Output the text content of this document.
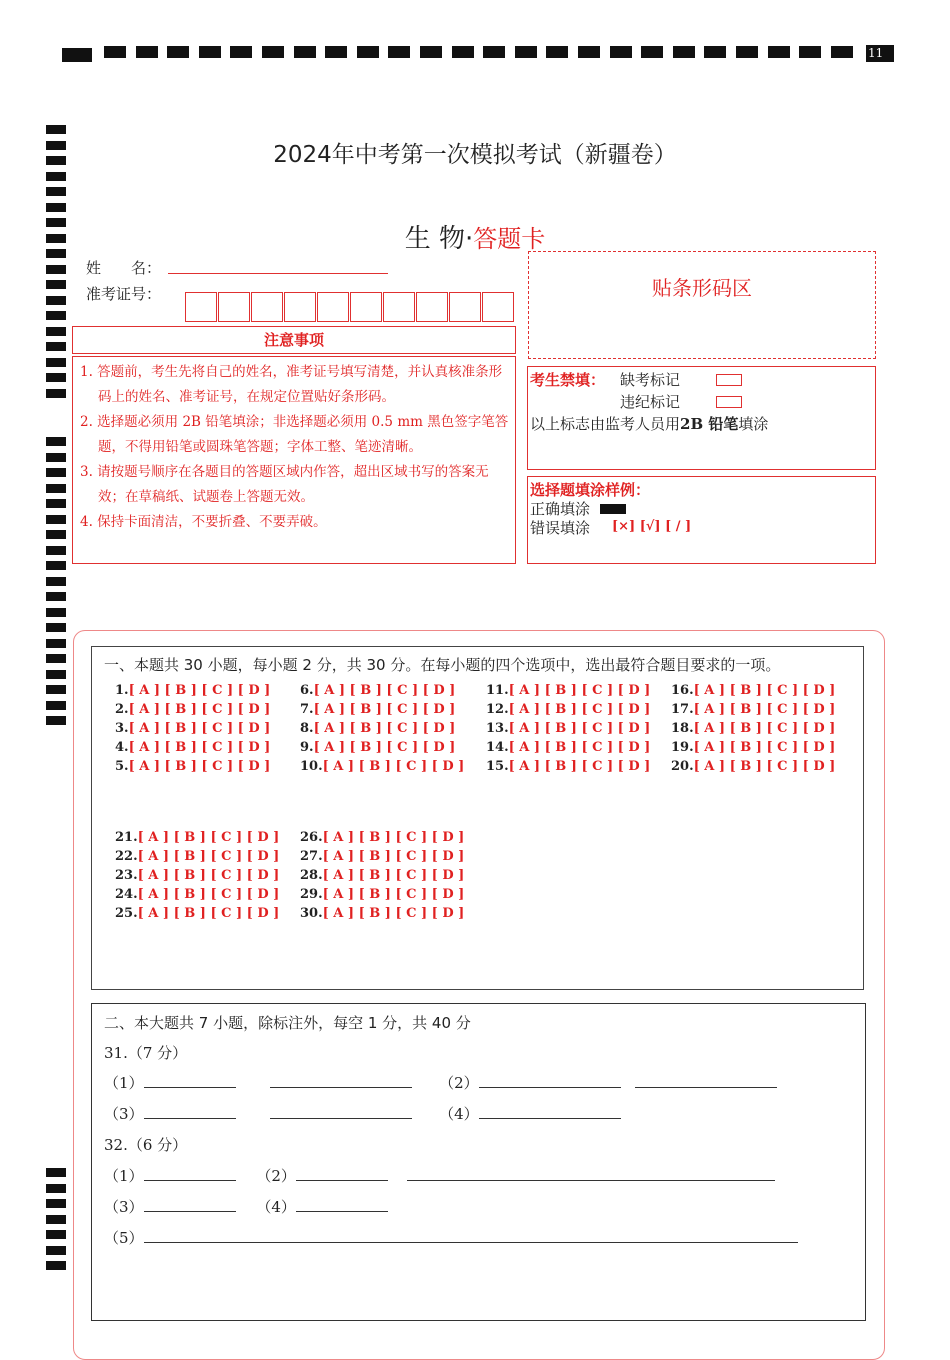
11
2024年中考第一次模拟考试（新疆卷）
生 物·答题卡
姓　　名：
准考证号：
注意事项

1. 答题前，考生先将自己的姓名，准考证号填写清楚，并认真核准条形码上的姓名、准考证号，在规定位置贴好条形码。

2. 选择题必须用 2B 铅笔填涂；非选择题必须用 0.5 mm 黑色签字笔答题，不得用铅笔或圆珠笔答题；字体工整、笔迹清晰。

3. 请按题号顺序在各题目的答题区域内作答，超出区域书写的答案无效；在草稿纸、试题卷上答题无效。

4. 保持卡面清洁，不要折叠、不要弄破。

贴条形码区
考生禁填： 缺考标记
违纪标记
以上标志由监考人员用2B 铅笔填涂
选择题填涂样例：
正确填涂
错误填涂 [×] [√] [ / ]
一、本题共 30 小题，每小题 2 分，共 30 分。在每小题的四个选项中，选出最符合题目要求的一项。
1.[ A ] [ B ] [ C ] [ D ]
2.[ A ] [ B ] [ C ] [ D ]
3.[ A ] [ B ] [ C ] [ D ]
4.[ A ] [ B ] [ C ] [ D ]
5.[ A ] [ B ] [ C ] [ D ]
6.[ A ] [ B ] [ C ] [ D ]
7.[ A ] [ B ] [ C ] [ D ]
8.[ A ] [ B ] [ C ] [ D ]
9.[ A ] [ B ] [ C ] [ D ]
10.[ A ] [ B ] [ C ] [ D ]
11.[ A ] [ B ] [ C ] [ D ]
12.[ A ] [ B ] [ C ] [ D ]
13.[ A ] [ B ] [ C ] [ D ]
14.[ A ] [ B ] [ C ] [ D ]
15.[ A ] [ B ] [ C ] [ D ]
16.[ A ] [ B ] [ C ] [ D ]
17.[ A ] [ B ] [ C ] [ D ]
18.[ A ] [ B ] [ C ] [ D ]
19.[ A ] [ B ] [ C ] [ D ]
20.[ A ] [ B ] [ C ] [ D ]
21.[ A ] [ B ] [ C ] [ D ]
22.[ A ] [ B ] [ C ] [ D ]
23.[ A ] [ B ] [ C ] [ D ]
24.[ A ] [ B ] [ C ] [ D ]
25.[ A ] [ B ] [ C ] [ D ]
26.[ A ] [ B ] [ C ] [ D ]
27.[ A ] [ B ] [ C ] [ D ]
28.[ A ] [ B ] [ C ] [ D ]
29.[ A ] [ B ] [ C ] [ D ]
30.[ A ] [ B ] [ C ] [ D ]
二、本大题共 7 小题，除标注外，每空 1 分，共 40 分
31.（7 分）
（1）	（2）
（3）	（4）
32.（6 分）
（1）	（2）
（3）	（4）
（5）
